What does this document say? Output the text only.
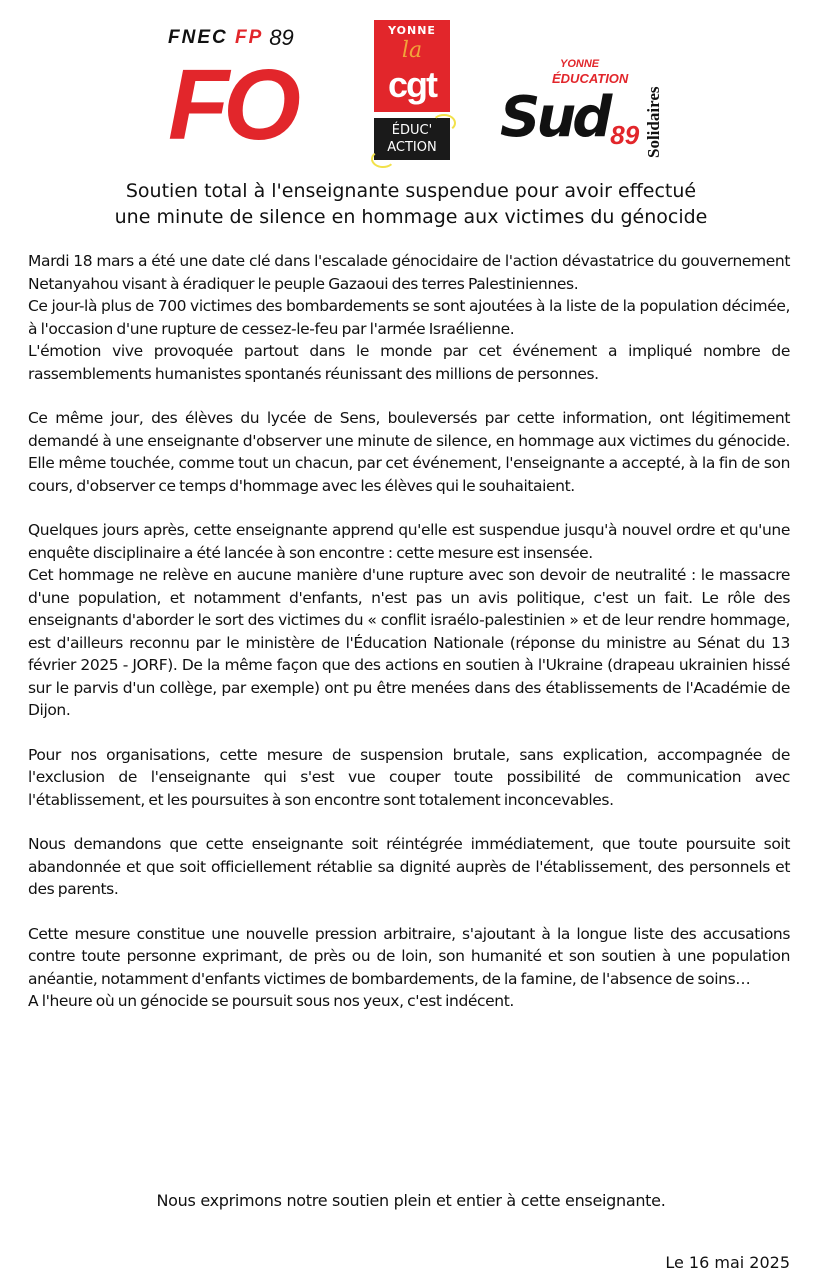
FNEC FP 89
FO
YONNE
la
cgt
ÉDUC'
ACTION
YONNE
ÉDUCATION
Sud 89 Solidaires
Soutien total à l'enseignante suspendue pour avoir effectué
une minute de silence en hommage aux victimes du génocide

Mardi 18 mars a été une date clé dans l'escalade génocidaire de l'action dévastatrice du gouvernement Netanyahou visant à éradiquer le peuple Gazaoui des terres Palestiniennes.

Ce jour-là plus de 700 victimes des bombardements se sont ajoutées à la liste de la population décimée, à l'occasion d'une rupture de cessez-le-feu par l'armée Israélienne.

L'émotion vive provoquée partout dans le monde par cet événement a impliqué nombre de rassemblements humanistes spontanés réunissant des millions de personnes.

Ce même jour, des élèves du lycée de Sens, bouleversés par cette information, ont légitimement demandé à une enseignante d'observer une minute de silence, en hommage aux victimes du génocide. Elle même touchée, comme tout un chacun, par cet événement, l'enseignante a accepté, à la fin de son cours, d'observer ce temps d'hommage avec les élèves qui le souhaitaient.

Quelques jours après, cette enseignante apprend qu'elle est suspendue jusqu'à nouvel ordre et qu'une enquête disciplinaire a été lancée à son encontre : cette mesure est insensée.

Cet hommage ne relève en aucune manière d'une rupture avec son devoir de neutralité : le massacre d'une population, et notamment d'enfants, n'est pas un avis politique, c'est un fait. Le rôle des enseignants d'aborder le sort des victimes du « conflit israélo-palestinien » et de leur rendre hommage, est d'ailleurs reconnu par le ministère de l'Éducation Nationale (réponse du ministre au Sénat du 13 février 2025 - JORF). De la même façon que des actions en soutien à l'Ukraine (drapeau ukrainien hissé sur le parvis d'un collège, par exemple) ont pu être menées dans des établissements de l'Académie de Dijon.

Pour nos organisations, cette mesure de suspension brutale, sans explication, accompagnée de l'exclusion de l'enseignante qui s'est vue couper toute possibilité de communication avec l'établissement, et les poursuites à son encontre sont totalement inconcevables.

Nous demandons que cette enseignante soit réintégrée immédiatement, que toute poursuite soit abandonnée et que soit officiellement rétablie sa dignité auprès de l'établissement, des personnels et des parents.

Cette mesure constitue une nouvelle pression arbitraire, s'ajoutant à la longue liste des accusations contre toute personne exprimant, de près ou de loin, son humanité et son soutien à une population anéantie, notamment d'enfants victimes de bombardements, de la famine, de l'absence de soins…

A l'heure où un génocide se poursuit sous nos yeux, c'est indécent.

Nous exprimons notre soutien plein et entier à cette enseignante.
Le 16 mai 2025
